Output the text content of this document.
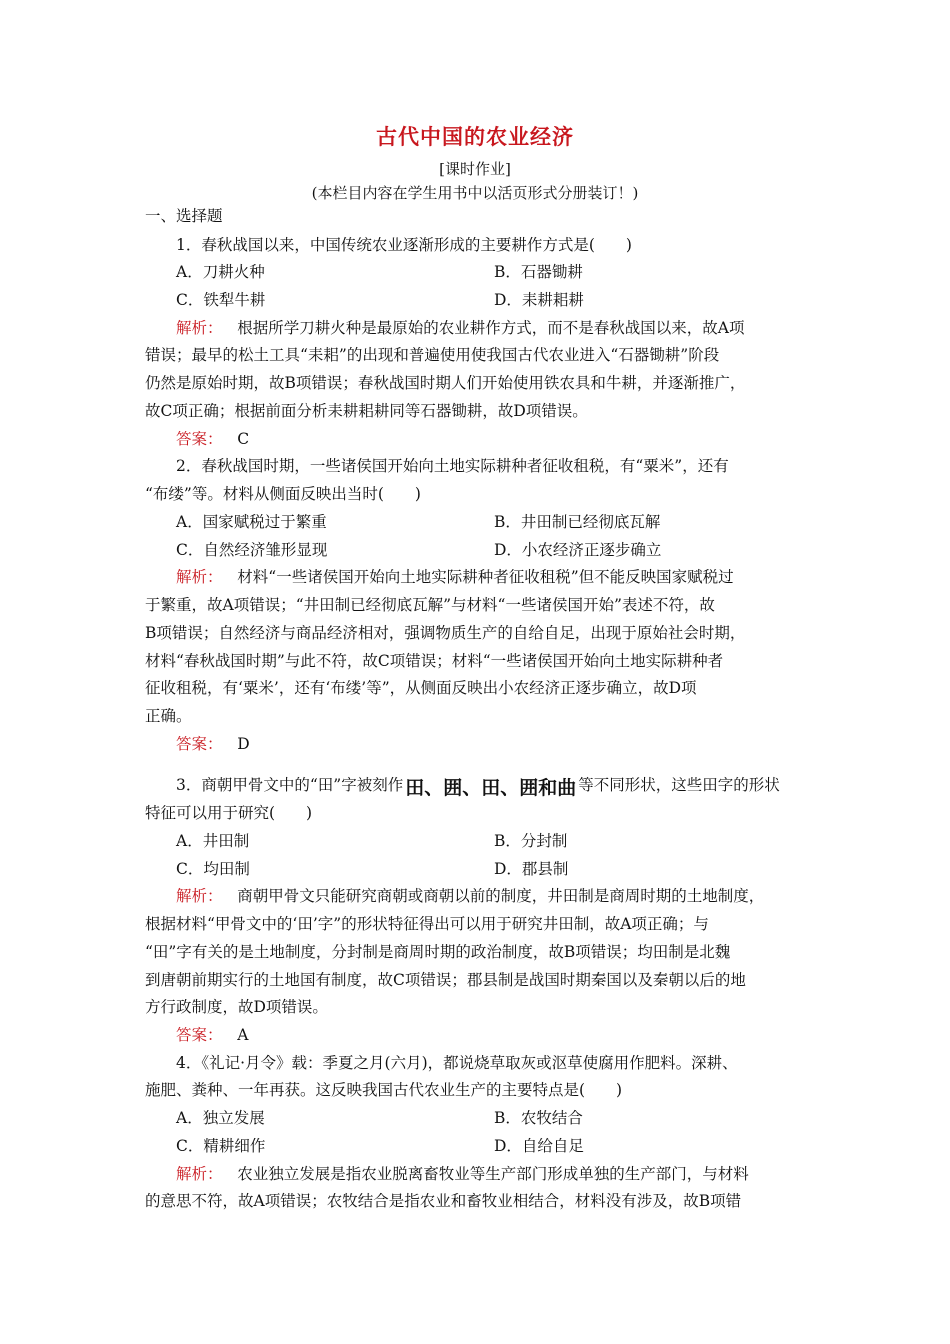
古代中国的农业经济
[课时作业]
(本栏目内容在学生用书中以活页形式分册装订！)
一、选择题
1．春秋战国以来，中国传统农业逐渐形成的主要耕作方式是(　　)
A．刀耕火种	B．石器锄耕
C．铁犁牛耕	D．耒耕耜耕
解析： 根据所学刀耕火种是最原始的农业耕作方式，而不是春秋战国以来，故A项
错误；最早的松土工具“耒耜”的出现和普遍使用使我国古代农业进入“石器锄耕”阶段
仍然是原始时期，故B项错误；春秋战国时期人们开始使用铁农具和牛耕，并逐渐推广，
故C项正确；根据前面分析耒耕耜耕同等石器锄耕，故D项错误。
答案： C
2．春秋战国时期，一些诸侯国开始向土地实际耕种者征收租税，有“粟米”，还有
“布缕”等。材料从侧面反映出当时(　　)
A．国家赋税过于繁重	B．井田制已经彻底瓦解
C．自然经济雏形显现	D．小农经济正逐步确立
解析： 材料“一些诸侯国开始向土地实际耕种者征收租税”但不能反映国家赋税过
于繁重，故A项错误；“井田制已经彻底瓦解”与材料“一些诸侯国开始”表述不符，故
B项错误；自然经济与商品经济相对，强调物质生产的自给自足，出现于原始社会时期，
材料“春秋战国时期”与此不符，故C项错误；材料“一些诸侯国开始向土地实际耕种者
征收租税，有‘粟米’，还有‘布缕’等”，从侧面反映出小农经济正逐步确立，故D项
正确。
答案： D
3．商朝甲骨文中的“田”字被刻作 田、囲、田、囲和曲 等不同形状，这些田字的形状
特征可以用于研究(　　)
A．井田制	B．分封制
C．均田制	D．郡县制
解析： 商朝甲骨文只能研究商朝或商朝以前的制度，井田制是商周时期的土地制度，
根据材料“甲骨文中的‘田’字”的形状特征得出可以用于研究井田制，故A项正确；与
“田”字有关的是土地制度，分封制是商周时期的政治制度，故B项错误；均田制是北魏
到唐朝前期实行的土地国有制度，故C项错误；郡县制是战国时期秦国以及秦朝以后的地
方行政制度，故D项错误。
答案： A
4．《礼记·月令》载：季夏之月(六月)，都说烧草取灰或沤草使腐用作肥料。深耕、
施肥、粪种、一年再获。这反映我国古代农业生产的主要特点是(　　)
A．独立发展	B．农牧结合
C．精耕细作	D．自给自足
解析： 农业独立发展是指农业脱离畜牧业等生产部门形成单独的生产部门，与材料
的意思不符，故A项错误；农牧结合是指农业和畜牧业相结合，材料没有涉及，故B项错
